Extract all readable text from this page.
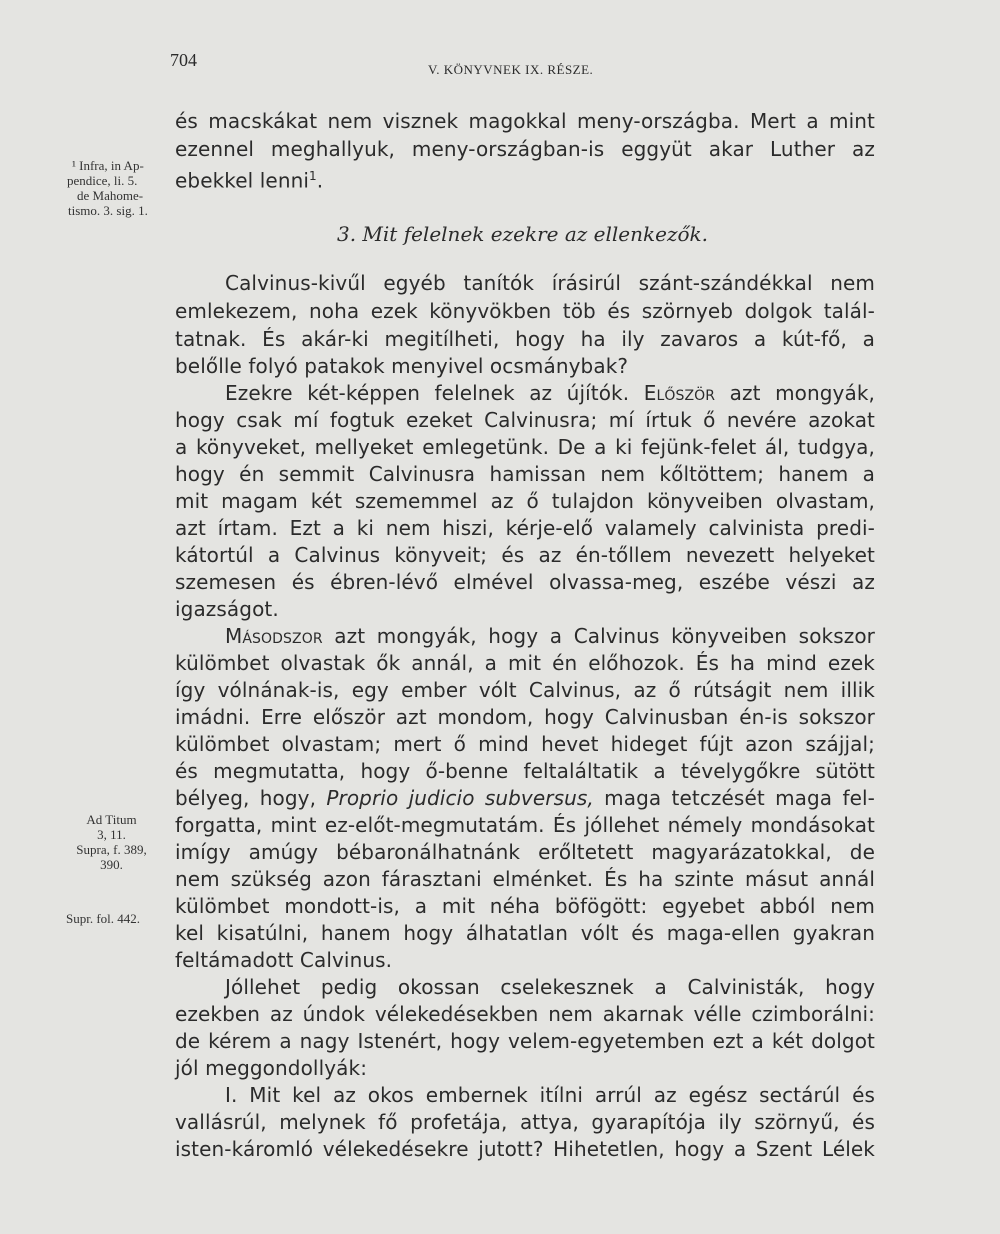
704	V. KÖNYVNEK IX. RÉSZE.
¹ Infra, in Ap-
pendice, li. 5.
de Mahome-
tismo. 3. sig. 1.
Ad Titum
3, 11.
Supra, f. 389,
390.
Supr. fol. 442.
3. Mit felelnek ezekre az ellenkezők.
és macskákat nem visznek magokkal meny-országba. Mert a mint
ezennel meghallyuk, meny-országban-is eggyüt akar Luther az
ebekkel lenni$^1$.
Calvinus-kivűl egyéb tanítók írásirúl szánt-szándékkal nem
emlekezem, noha ezek könyvökben töb és szörnyeb dolgok talál-
tatnak. És akár-ki megitílheti, hogy ha ily zavaros a kút-fő, a
belőlle folyó patakok menyivel ocsmánybak?
Ezekre két-képpen felelnek az újítók. Először azt mongyák,
hogy csak mí fogtuk ezeket Calvinusra; mí írtuk ő nevére azokat
a könyveket, mellyeket emlegetünk. De a ki fejünk-felet ál, tudgya,
hogy én semmit Calvinusra hamissan nem kőltöttem; hanem a
mit magam két szememmel az ő tulajdon könyveiben olvastam,
azt írtam. Ezt a ki nem hiszi, kérje-elő valamely calvinista predi-
kátortúl a Calvinus könyveit; és az én-tőllem nevezett helyeket
szemesen és ébren-lévő elmével olvassa-meg, eszébe vészi az
igazságot.
Másodszor azt mongyák, hogy a Calvinus könyveiben sokszor
külömbet olvastak ők annál, a mit én előhozok. És ha mind ezek
így vólnának-is, egy ember vólt Calvinus, az ő rútságit nem illik
imádni. Erre először azt mondom, hogy Calvinusban én-is sokszor
külömbet olvastam; mert ő mind hevet hideget fújt azon szájjal;
és megmutatta, hogy ő-benne feltaláltatik a tévelygőkre sütött
bélyeg, hogy, Proprio judicio subversus, maga tetczését maga fel-
forgatta, mint ez-előt-megmutatám. És jóllehet némely mondásokat
imígy amúgy bébaronálhatnánk erőltetett magyarázatokkal, de
nem szükség azon fárasztani elménket. És ha szinte másut annál
külömbet mondott-is, a mit néha böfögött: egyebet abból nem
kel kisatúlni, hanem hogy álhatatlan vólt és maga-ellen gyakran
feltámadott Calvinus.
Jóllehet pedig okossan cselekesznek a Calvinisták, hogy
ezekben az úndok vélekedésekben nem akarnak vélle czimborálni:
de kérem a nagy Istenért, hogy velem-egyetemben ezt a két dolgot
jól meggondollyák:
I. Mit kel az okos embernek itílni arrúl az egész sectárúl és
vallásrúl, melynek fő profetája, attya, gyarapítója ily szörnyű, és
isten-káromló vélekedésekre jutott? Hihetetlen, hogy a Szent Lélek
